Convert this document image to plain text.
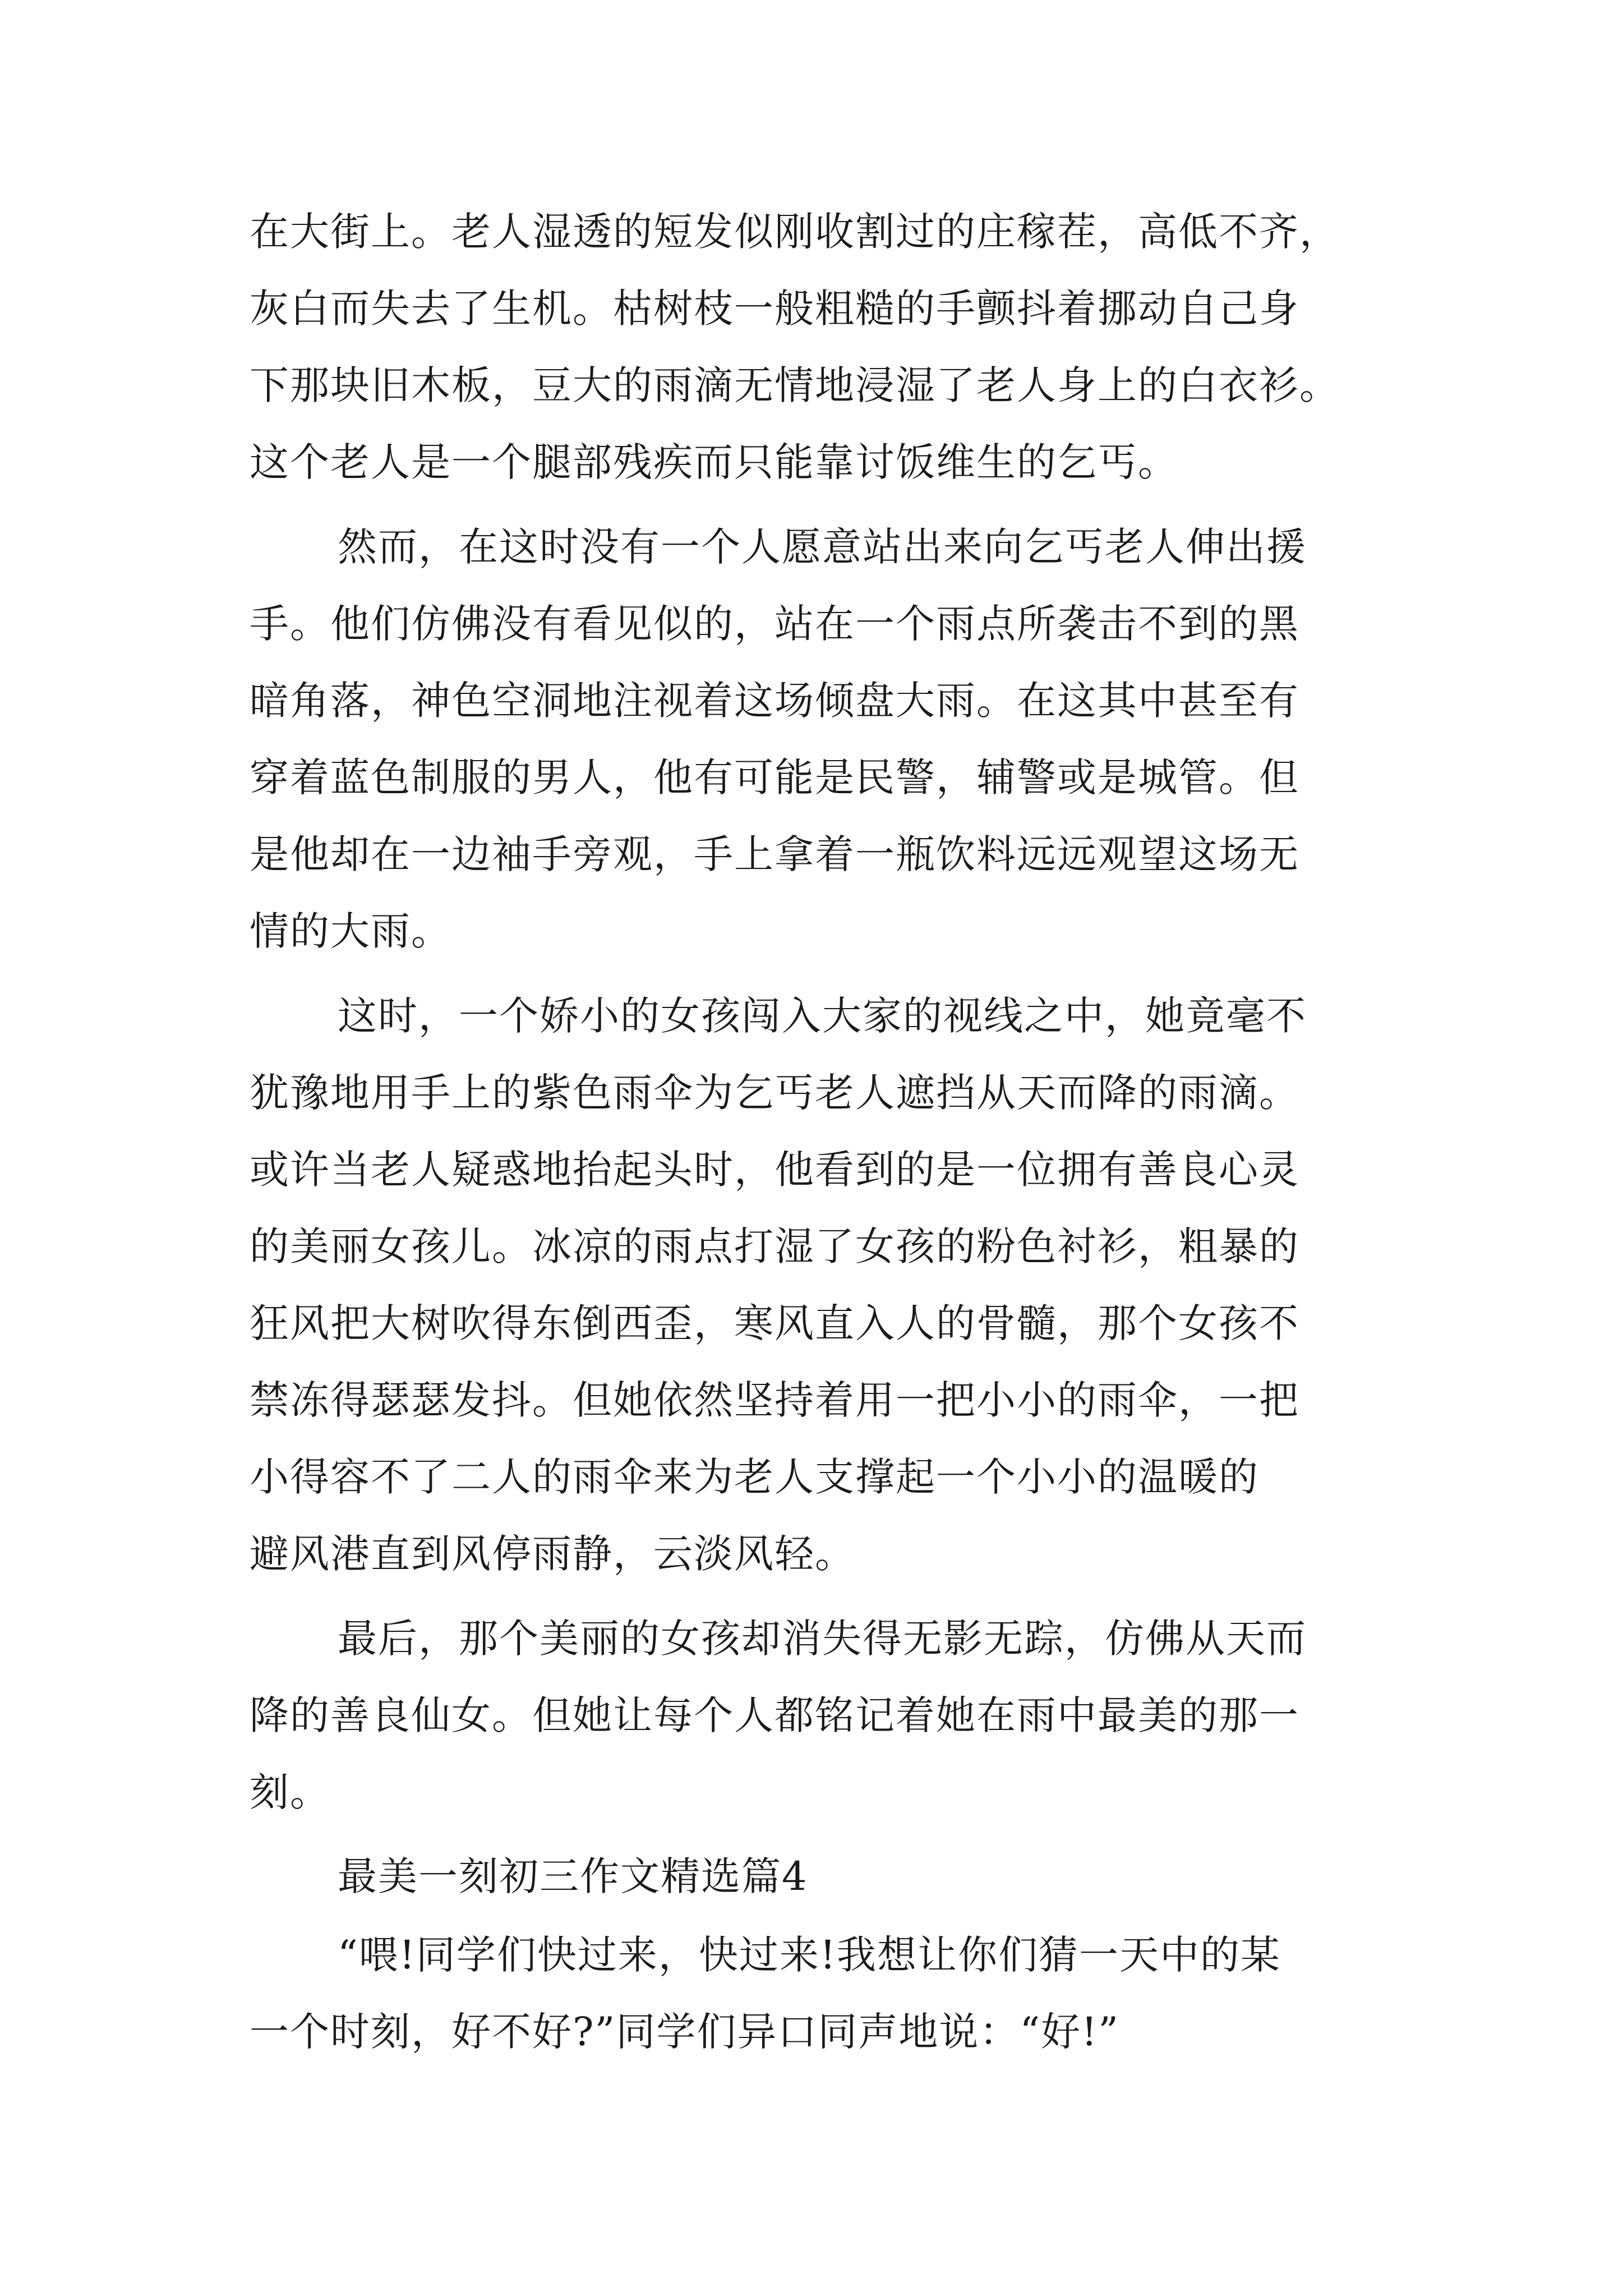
在大街上。老人湿透的短发似刚收割过的庄稼茬，高低不齐，
灰白而失去了生机。枯树枝一般粗糙的手颤抖着挪动自己身
下那块旧木板，豆大的雨滴无情地浸湿了老人身上的白衣衫。
这个老人是一个腿部残疾而只能靠讨饭维生的乞丐。
然而，在这时没有一个人愿意站出来向乞丐老人伸出援
手。他们仿佛没有看见似的，站在一个雨点所袭击不到的黑
暗角落，神色空洞地注视着这场倾盘大雨。在这其中甚至有
穿着蓝色制服的男人，他有可能是民警，辅警或是城管。但
是他却在一边袖手旁观，手上拿着一瓶饮料远远观望这场无
情的大雨。
这时，一个娇小的女孩闯入大家的视线之中，她竟毫不
犹豫地用手上的紫色雨伞为乞丐老人遮挡从天而降的雨滴。
或许当老人疑惑地抬起头时，他看到的是一位拥有善良心灵
的美丽女孩儿。冰凉的雨点打湿了女孩的粉色衬衫，粗暴的
狂风把大树吹得东倒西歪，寒风直入人的骨髓，那个女孩不
禁冻得瑟瑟发抖。但她依然坚持着用一把小小的雨伞，一把
小得容不了二人的雨伞来为老人支撑起一个小小的温暖的
避风港直到风停雨静，云淡风轻。
最后，那个美丽的女孩却消失得无影无踪，仿佛从天而
降的善良仙女。但她让每个人都铭记着她在雨中最美的那一
刻。
最美一刻初三作文精选篇4
“喂!同学们快过来，快过来!我想让你们猜一天中的某
一个时刻，好不好?”同学们异口同声地说：“好!”
